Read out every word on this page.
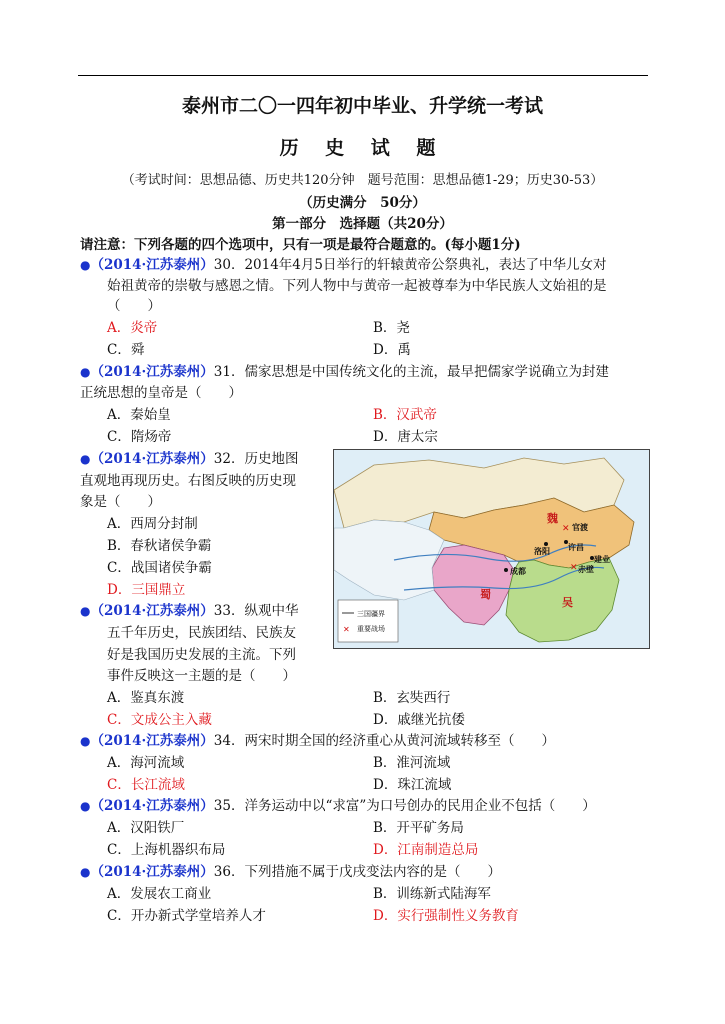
泰州市二〇一四年初中毕业、升学统一考试
历 史 试 题
（考试时间：思想品德、历史共120分钟　题号范围：思想品德1-29；历史30-53）
（历史满分　50分）
第一部分　选择题（共20分）
请注意：下列各题的四个选项中，只有一项是最符合题意的。(每小题1分)
●（2014·江苏泰州）30．2014年4月5日举行的轩辕黄帝公祭典礼，表达了中华儿女对
始祖黄帝的崇敬与感恩之情。下列人物中与黄帝一起被尊奉为中华民族人文始祖的是
（　　）
A．炎帝	B．尧
C．舜	D．禹
●（2014·江苏泰州）31．儒家思想是中国传统文化的主流，最早把儒家学说确立为封建
正统思想的皇帝是（　　）
A．秦始皇	B．汉武帝
C．隋炀帝	D．唐太宗
●（2014·江苏泰州）32．历史地图
直观地再现历史。右图反映的历史现
象是（　　）
A．西周分封制
B．春秋诸侯争霸
C．战国诸侯争霸
D．三国鼎立
●（2014·江苏泰州）33．纵观中华
五千年历史，民族团结、民族友
好是我国历史发展的主流。下列
事件反映这一主题的是（　　）
A．鉴真东渡	B．玄奘西行
C．文成公主入藏	D．戚继光抗倭
●（2014·江苏泰州）34．两宋时期全国的经济重心从黄河流域转移至（　　）
A．海河流域	B．淮河流域
C．长江流域	D．珠江流域
●（2014·江苏泰州）35．洋务运动中以“求富”为口号创办的民用企业不包括（　　）
A．汉阳铁厂	B．开平矿务局
C．上海机器织布局	D．江南制造总局
●（2014·江苏泰州）36．下列措施不属于戊戌变法内容的是（　　）
A．发展农工商业	B．训练新式陆海军
C．开办新式学堂培养人才	D．实行强制性义务教育
✕
✕
魏
蜀
吴
成都
洛阳 许昌
官渡
建业
赤壁
三国疆界
✕ 重要战场
